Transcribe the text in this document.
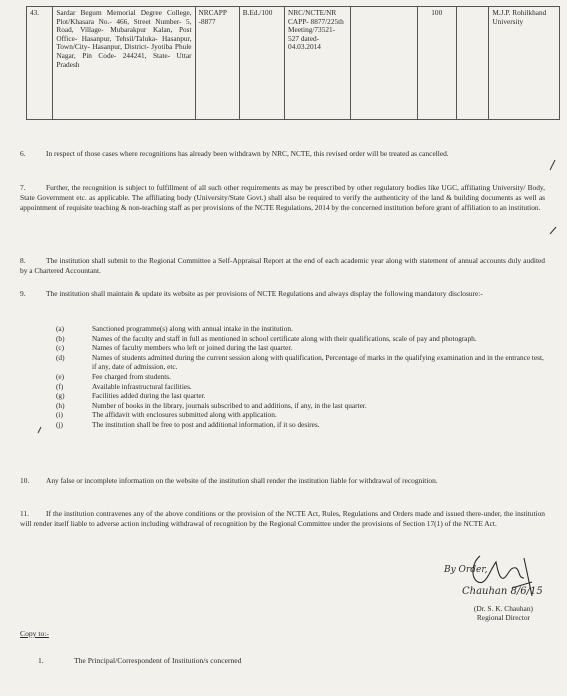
43.	Sardar Begum Memorial Degree College, Plot/Khasara No.- 466, Street Number- 5, Road, Village- Mubarakpur Kalan, Post Office- Hasanpur, Tehsil/Taluka- Hasanpur, Town/City- Hasanpur, District- Jyotiba Phule Nagar, Pin Code- 244241, State- Uttar Pradesh	NRCAPP -8877	B.Ed./100	NRC/NCTE/NR CAPP- 8877/225th Meeting/73521- 527 dated- 04.03.2014		100		M.J.P. Rohilkhand University
6.	In respect of those cases where recognitions has already been withdrawn by NRC, NCTE, this revised order will be treated as cancelled.
7.	Further, the recognition is subject to fulfillment of all such other requirements as may be prescribed by other regulatory bodies like UGC, affiliating University/ Body, State Government etc. as applicable. The affiliating body (University/State Govt.) shall also be required to verify the authenticity of the land & building documents as well as appointment of requisite teaching & non-teaching staff as per provisions of the NCTE Regulations, 2014 by the concerned institution before grant of affiliation to an institution.
8.	The institution shall submit to the Regional Committee a Self-Appraisal Report at the end of each academic year along with statement of annual accounts duly audited by a Chartered Accountant.
9.	The institution shall maintain & update its website as per provisions of NCTE Regulations and always display the following mandatory disclosure:-
(a)	Sanctioned programme(s) along with annual intake in the institution.
(b)	Names of the faculty and staff in full as mentioned in school certificate along with their qualifications, scale of pay and photograph.
(c)	Names of faculty members who left or joined during the last quarter.
(d)	Names of students admitted during the current session along with qualification, Percentage of marks in the qualifying examination and in the entrance test, if any, date of admission, etc.
(e)	Fee charged from students.
(f)	Available infrastructural facilities.
(g)	Facilities added during the last quarter.
(h)	Number of books in the library, journals subscribed to and additions, if any, in the last quarter.
(i)	The affidavit with enclosures submitted along with application.
(j)	The institution shall be free to post and additional information, if it so desires.
10. Any false or incomplete information on the website of the institution shall render the institution liable for withdrawal of recognition.
11. If the institution contravenes any of the above conditions or the provision of the NCTE Act, Rules, Regulations and Orders made and issued there-under, the institution will render itself liable to adverse action including withdrawal of recognition by the Regional Committee under the provisions of Section 17(1) of the NCTE Act.
By Order,
Chauhan 8/6/15
(Dr. S. K. Chauhan)
Regional Director
Copy to:-
1.	The Principal/Correspondent of Institution/s concerned
